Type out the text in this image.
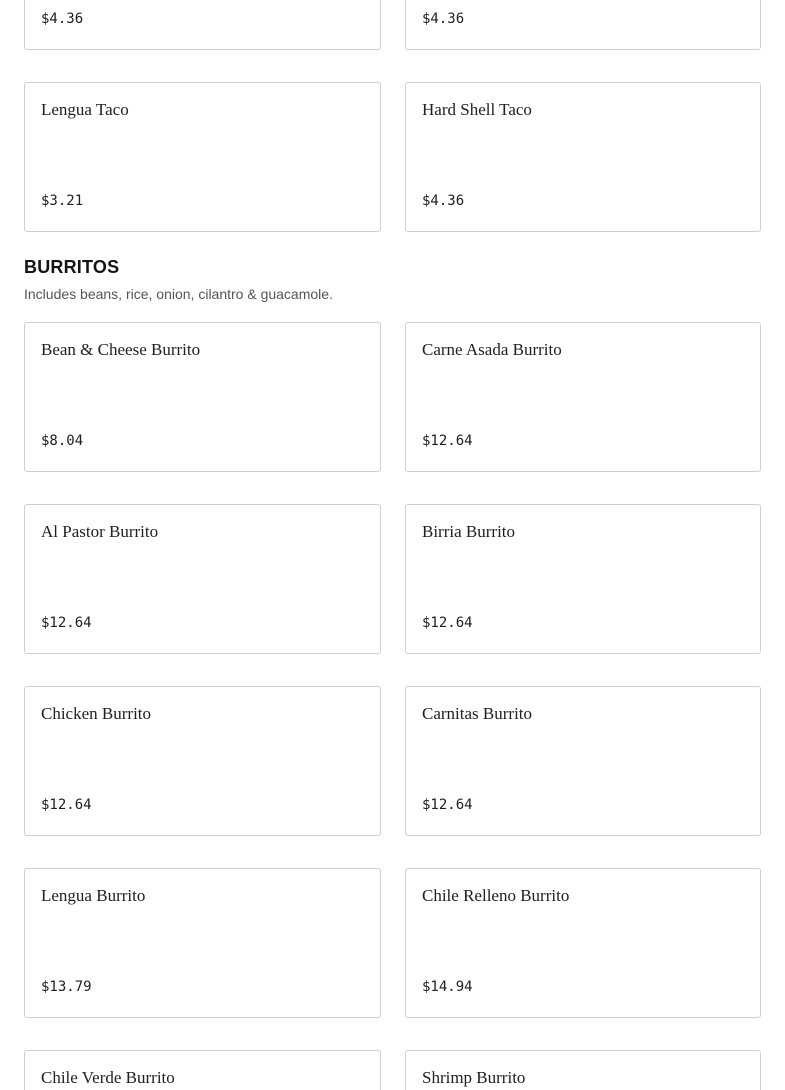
$4.36	$4.36
Lengua Taco
$3.21
Hard Shell Taco
$4.36
BURRITOS

Includes beans, rice, onion, cilantro & guacamole.

Bean & Cheese Burrito
$8.04
Carne Asada Burrito
$12.64
Al Pastor Burrito
$12.64
Birria Burrito
$12.64
Chicken Burrito
$12.64
Carnitas Burrito
$12.64
Lengua Burrito
$13.79
Chile Relleno Burrito
$14.94
Chile Verde Burrito	Shrimp Burrito
